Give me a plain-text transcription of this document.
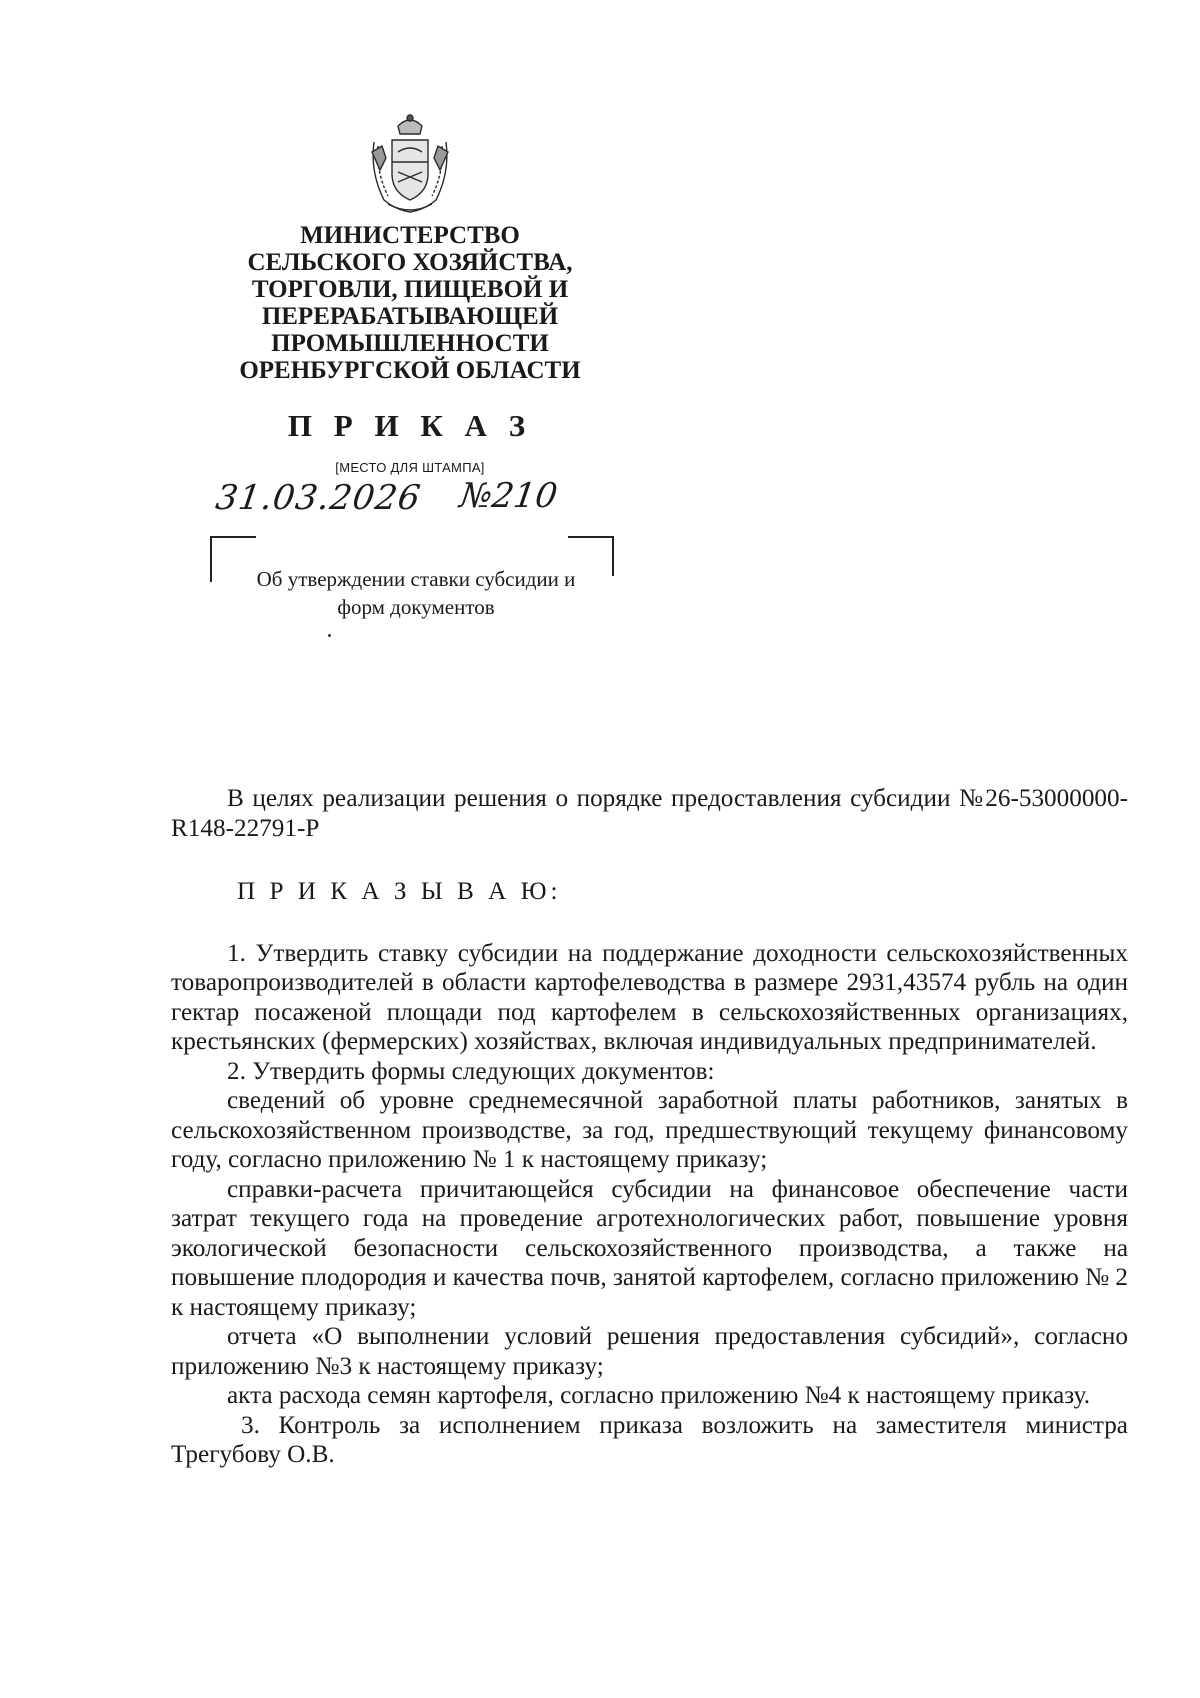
МИНИСТЕРСТВО
СЕЛЬСКОГО ХОЗЯЙСТВА,
ТОРГОВЛИ, ПИЩЕВОЙ И
ПЕРЕРАБАТЫВАЮЩЕЙ
ПРОМЫШЛЕННОСТИ
ОРЕНБУРГСКОЙ ОБЛАСТИ
П Р И К А З
[МЕСТО ДЛЯ ШТАМПА]
31.03.2026 №210
Об утверждении ставки субсидии и
форм документов

В целях реализации решения о порядке предоставления субсидии №26-53000000-R148-22791-P

П Р И К А З Ы В А Ю:

1. Утвердить ставку субсидии на поддержание доходности сельскохозяйственных товаропроизводителей в области картофелеводства в размере 2931,43574 рубль на один гектар посаженой площади под картофелем в сельскохозяйственных организациях, крестьянских (фермерских) хозяйствах, включая индивидуальных предпринимателей.

2. Утвердить формы следующих документов:

сведений об уровне среднемесячной заработной платы работников, занятых в сельскохозяйственном производстве, за год, предшествующий текущему финансовому году, согласно приложению № 1 к настоящему приказу;

справки-расчета причитающейся субсидии на финансовое обеспечение части затрат текущего года на проведение агротехнологических работ, повышение уровня экологической безопасности сельскохозяйственного производства, а также на повышение плодородия и качества почв, занятой картофелем, согласно приложению № 2 к настоящему приказу;

отчета «О выполнении условий решения предоставления субсидий», согласно приложению №3 к настоящему приказу;

акта расхода семян картофеля, согласно приложению №4 к настоящему приказу.

3. Контроль за исполнением приказа возложить на заместителя министра Трегубову О.В.
